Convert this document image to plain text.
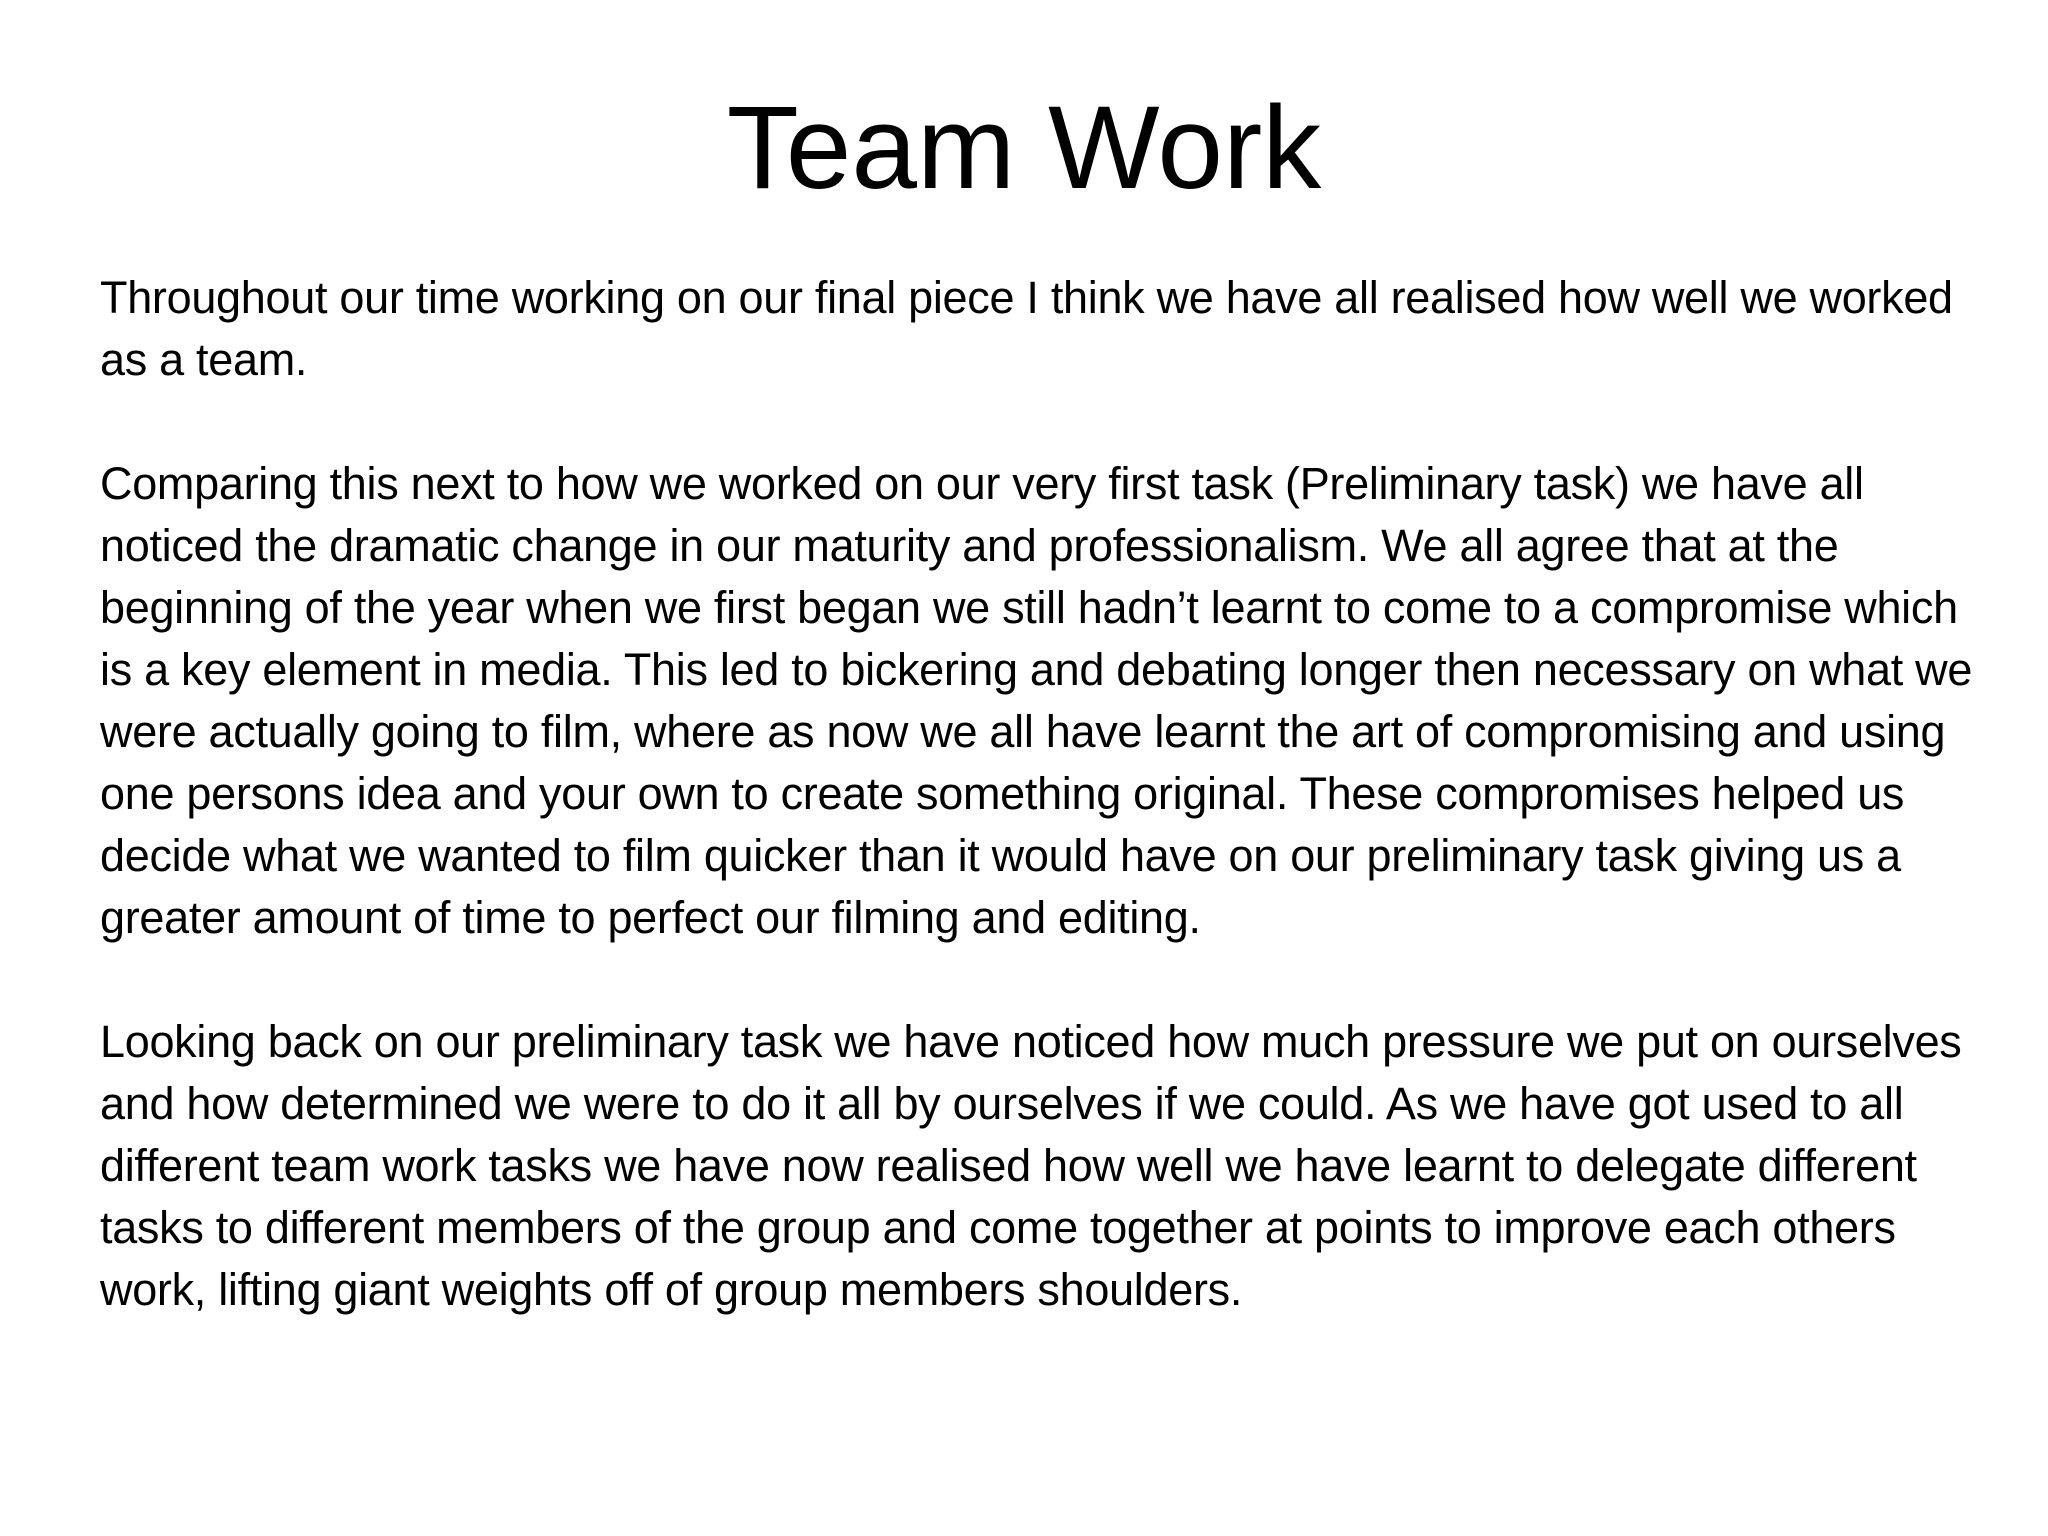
Team Work

Throughout our time working on our final piece I think we have all realised how well we worked as a team.

Comparing this next to how we worked on our very first task (Preliminary task) we have all noticed the dramatic change in our maturity and professionalism. We all agree that at the beginning of the year when we first began we still hadn’t learnt to come to a compromise which is a key element in media. This led to bickering and debating longer then necessary on what we were actually going to film, where as now we all have learnt the art of compromising and using one persons idea and your own to create something original. These compromises helped us decide what we wanted to film quicker than it would have on our preliminary task giving us a greater amount of time to perfect our filming and editing.

Looking back on our preliminary task we have noticed how much pressure we put on ourselves and how determined we were to do it all by ourselves if we could. As we have got used to all different team work tasks we have now realised how well we have learnt to delegate different tasks to different members of the group and come together at points to improve each others work, lifting giant weights off of group members shoulders.
